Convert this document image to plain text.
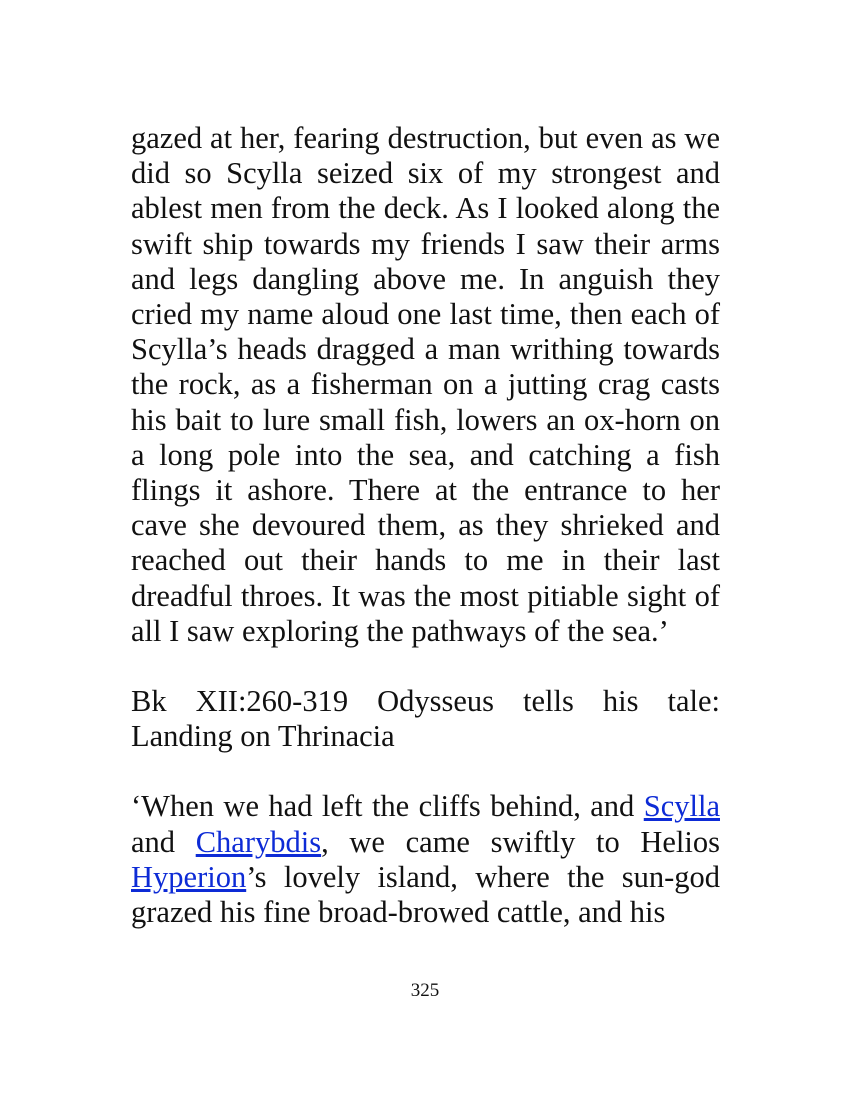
gazed at her, fearing destruction, but even as we did so Scylla seized six of my strongest and ablest men from the deck. As I looked along the swift ship towards my friends I saw their arms and legs dangling above me. In anguish they cried my name aloud one last time, then each of Scylla’s heads dragged a man writhing towards the rock, as a fisherman on a jutting crag casts his bait to lure small fish, lowers an ox-horn on a long pole into the sea, and catching a fish flings it ashore. There at the entrance to her cave she devoured them, as they shrieked and reached out their hands to me in their last dreadful throes. It was the most pitiable sight of all I saw exploring the pathways of the sea.’

Bk XII:260-319 Odysseus tells his tale: Landing on Thrinacia

‘When we had left the cliffs behind, and Scylla and Charybdis, we came swiftly to Helios Hyperion’s lovely island, where the sun-god grazed his fine broad-browed cattle, and his

325
